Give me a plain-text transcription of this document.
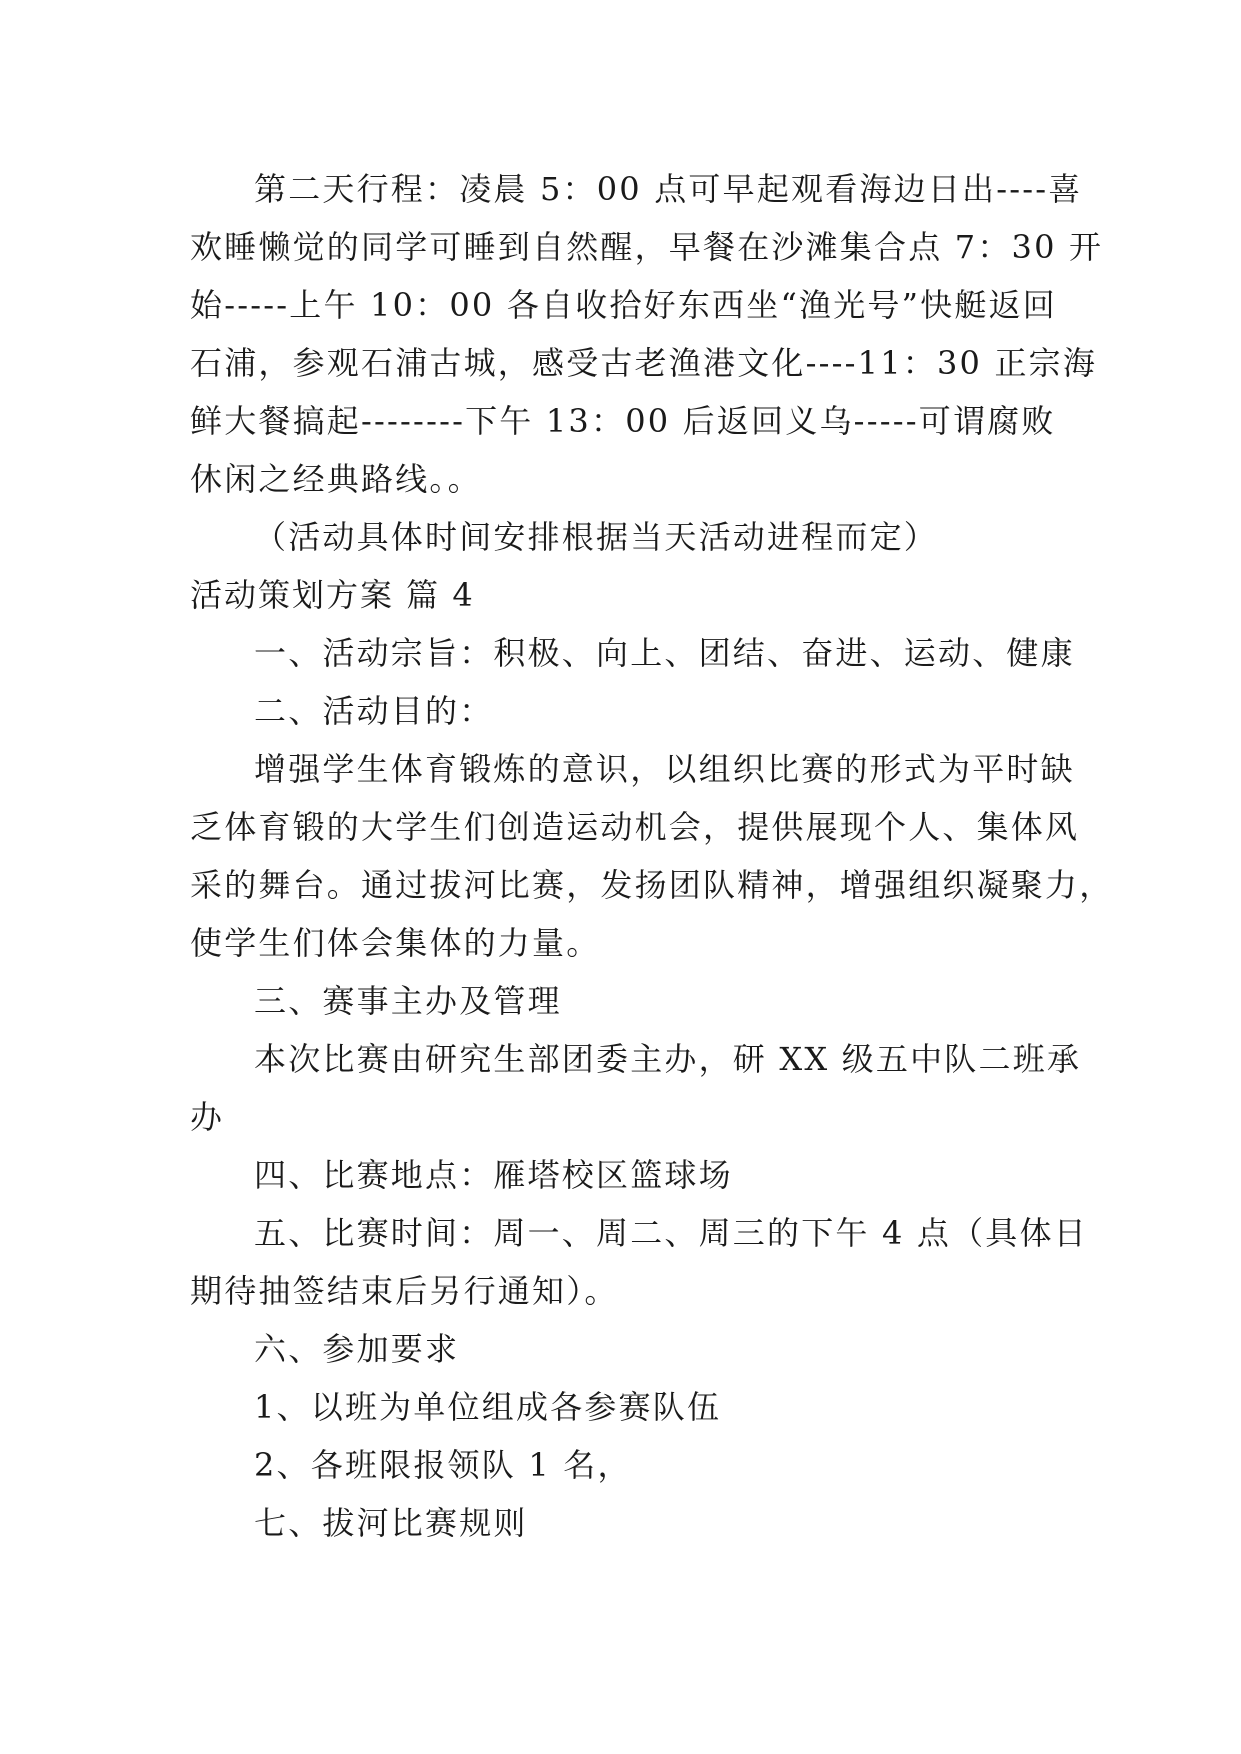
第二天行程：凌晨 5：00 点可早起观看海边日出----喜
欢睡懒觉的同学可睡到自然醒，早餐在沙滩集合点 7：30 开
始-----上午 10：00 各自收拾好东西坐“渔光号”快艇返回
石浦，参观石浦古城，感受古老渔港文化----11：30 正宗海
鲜大餐搞起--------下午 13：00 后返回义乌-----可谓腐败
休闲之经典路线。。
（活动具体时间安排根据当天活动进程而定）
活动策划方案 篇 4
一、活动宗旨：积极、向上、团结、奋进、运动、健康
二、活动目的：
增强学生体育锻炼的意识，以组织比赛的形式为平时缺
乏体育锻的大学生们创造运动机会，提供展现个人、集体风
采的舞台。通过拔河比赛，发扬团队精神，增强组织凝聚力，
使学生们体会集体的力量。
三、赛事主办及管理
本次比赛由研究生部团委主办，研 XX 级五中队二班承
办
四、比赛地点：雁塔校区篮球场
五、比赛时间：周一、周二、周三的下午 4 点（具体日
期待抽签结束后另行通知）。
六、参加要求
1、以班为单位组成各参赛队伍
2、各班限报领队 1 名，
七、拔河比赛规则
